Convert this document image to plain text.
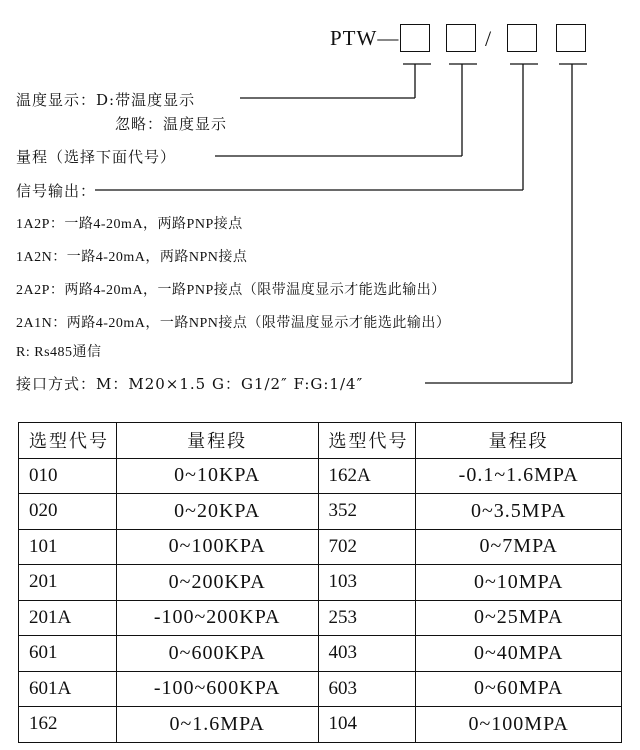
PTW—	/
温度显示：D:带温度显示
忽略：温度显示
量程（选择下面代号）
信号输出：
1A2P：一路4-20mA，两路PNP接点
1A2N：一路4-20mA，两路NPN接点
2A2P：两路4-20mA，一路PNP接点（限带温度显示才能选此输出）
2A1N：两路4-20mA，一路NPN接点（限带温度显示才能选此输出）
R: Rs485通信
接口方式：M：M20×1.5 G：G1/2″ F:G:1/4″
选型代号	量程段	选型代号	量程段
010	0~10KPA	162A	-0.1~1.6MPA
020	0~20KPA	352	0~3.5MPA
101	0~100KPA	702	0~7MPA
201	0~200KPA	103	0~10MPA
201A	-100~200KPA	253	0~25MPA
601	0~600KPA	403	0~40MPA
601A	-100~600KPA	603	0~60MPA
162	0~1.6MPA	104	0~100MPA
